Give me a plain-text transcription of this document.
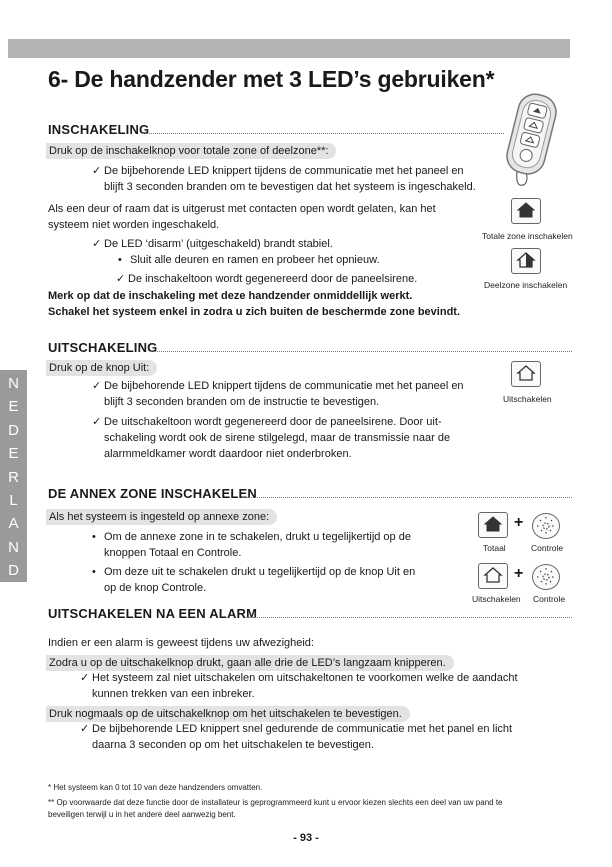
6- De handzender met 3 LED’s gebruiken*
INSCHAKELING
Druk op de inschakelknop voor totale zone of deelzone**:
✓ De bijbehorende LED knippert tijdens de communicatie met het paneel en
blijft 3 seconden branden om te bevestigen dat het systeem is ingeschakeld.
Als een deur of raam dat is uitgerust met contacten open wordt gelaten, kan het
systeem niet worden ingeschakeld.
✓ De LED ‘disarm’ (uitgeschakeld) brandt stabiel.
• Sluit alle deuren en ramen en probeer het opnieuw.
✓ De inschakeltoon wordt gegenereerd door de paneelsirene.
Merk op dat de inschakeling met deze handzender onmiddellijk werkt.
Schakel het systeem enkel in zodra u zich buiten de beschermde zone bevindt.
Totale zone inschakelen
Deelzone inschakelen
N
E
D
E
R
L
A
N
D
S
UITSCHAKELING
Druk op de knop Uit:
✓ De bijbehorende LED knippert tijdens de communicatie met het paneel en
blijft 3 seconden branden om de instructie te bevestigen.
✓ De uitschakeltoon wordt gegenereerd door de paneelsirene. Door uit-
schakeling wordt ook de sirene stilgelegd, maar de transmissie naar de
alarmmeldkamer wordt daardoor niet onderbroken.
Uitschakelen
DE ANNEX ZONE INSCHAKELEN
Als het systeem is ingesteld op annexe zone:
• Om de annexe zone in te schakelen, drukt u tegelijkertijd op de
knoppen Totaal en Controle.
• Om deze uit te schakelen drukt u tegelijkertijd op de knop Uit en
op de knop Controle.
+
Totaal	Controle
+
Uitschakelen Controle
UITSCHAKELEN NA EEN ALARM
Indien er een alarm is geweest tijdens uw afwezigheid:
Zodra u op de uitschakelknop drukt, gaan alle drie de LED’s langzaam knipperen.
✓ Het systeem zal niet uitschakelen om uitschakeltonen te voorkomen welke de aandacht
kunnen trekken van een inbreker.
Druk nogmaals op de uitschakelknop om het uitschakelen te bevestigen.
✓ De bijbehorende LED knippert snel gedurende de communicatie met het panel en licht
daarna 3 seconden op om het uitschakelen te bevestigen.
* Het systeem kan 0 tot 10 van deze handzenders omvatten.
** Op voorwaarde dat deze functie door de installateur is geprogrammeerd kunt u ervoor kiezen slechts een deel van uw pand te
beveiligen terwijl u in het andere deel aanwezig bent.
- 93 -
